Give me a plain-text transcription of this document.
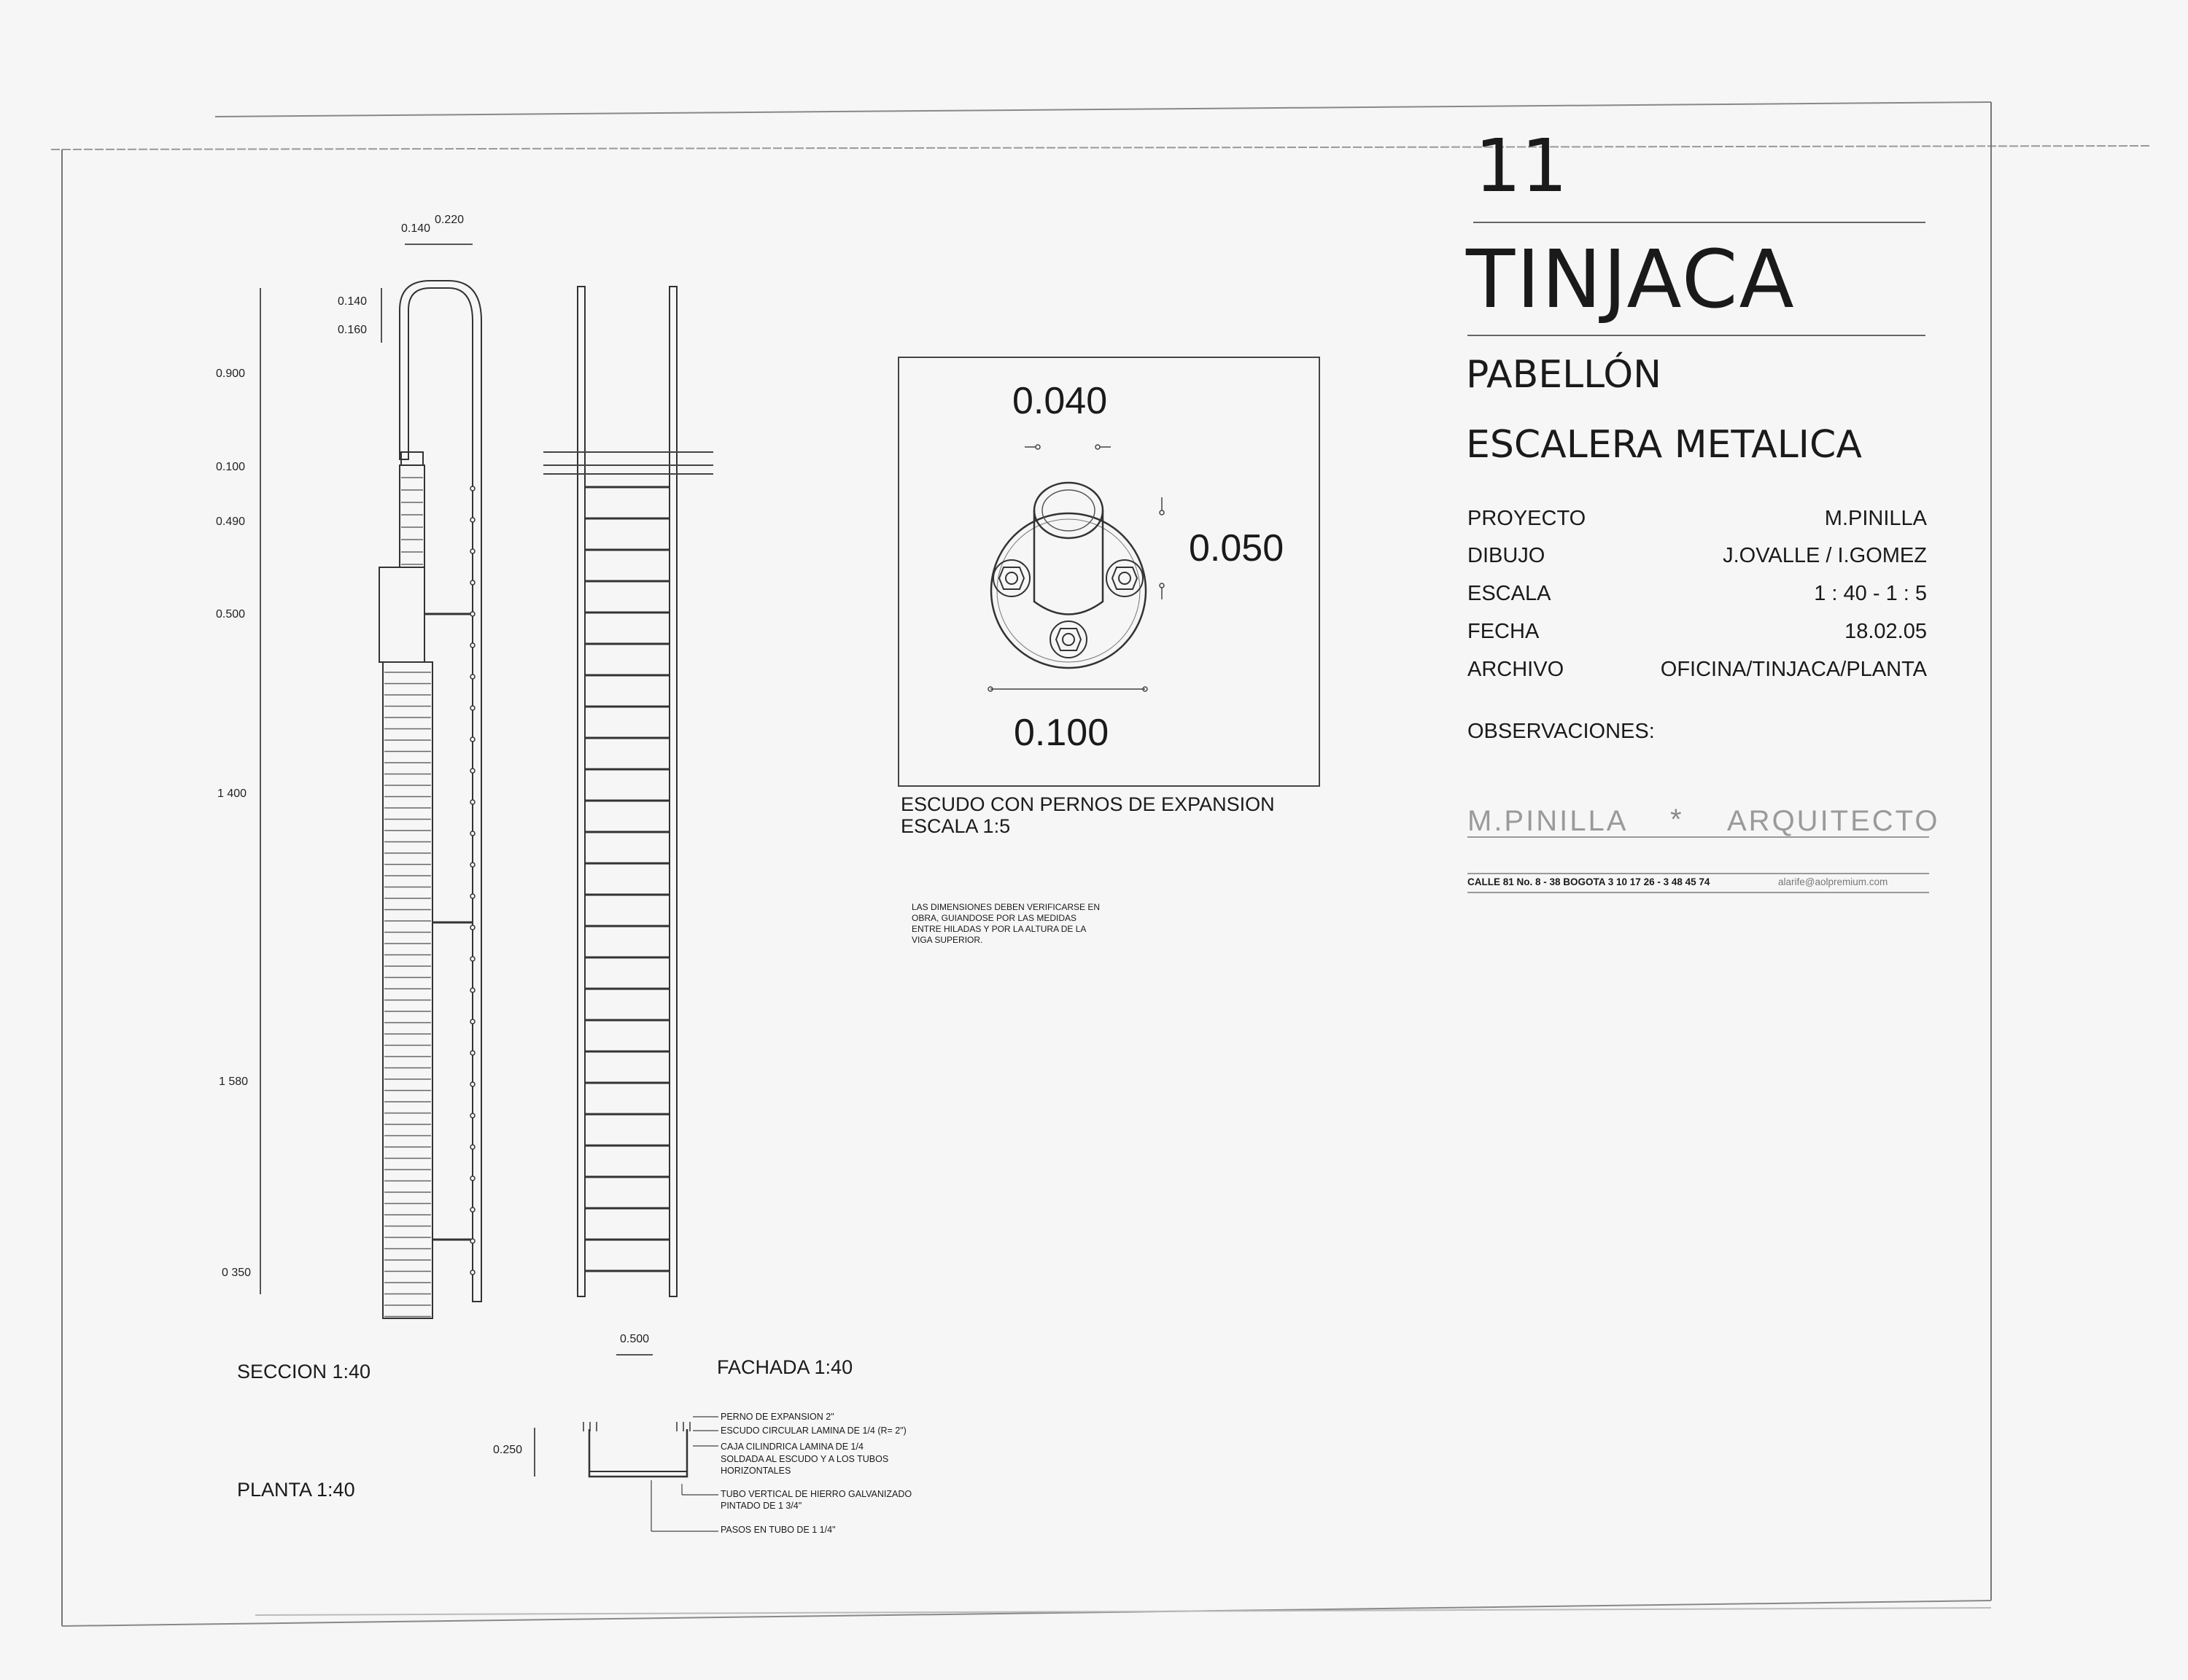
0.140
0.220
0.140
0.160
0.900
0.100
0.490
0.500
1 400
1 580
0 350
SECCION 1:40
0.500
FACHADA 1:40
0.250
PLANTA 1:40
PERNO DE EXPANSION 2"
ESCUDO CIRCULAR LAMINA DE 1/4 (R= 2")
CAJA CILINDRICA LAMINA DE 1/4
SOLDADA AL ESCUDO Y A LOS TUBOS
HORIZONTALES
TUBO VERTICAL DE HIERRO GALVANIZADO
PINTADO DE 1 3/4"
PASOS EN TUBO DE 1 1/4"
0.040
0.050
0.100
ESCUDO CON PERNOS DE EXPANSION
ESCALA 1:5
LAS DIMENSIONES DEBEN VERIFICARSE EN
OBRA, GUIANDOSE POR LAS MEDIDAS
ENTRE HILADAS Y POR LA ALTURA DE LA
VIGA SUPERIOR.
11
TINJACA
PABELLÓN
ESCALERA METALICA
PROYECTO	M.PINILLA
DIBUJO	J.OVALLE / I.GOMEZ
ESCALA	1 : 40 - 1 : 5
FECHA	18.02.05
ARCHIVO	OFICINA/TINJACA/PLANTA
OBSERVACIONES:
M.PINILLA * ARQUITECTO
CALLE 81 No. 8 - 38 BOGOTA 3 10 17 26 - 3 48 45 74	alarife@aolpremium.com
